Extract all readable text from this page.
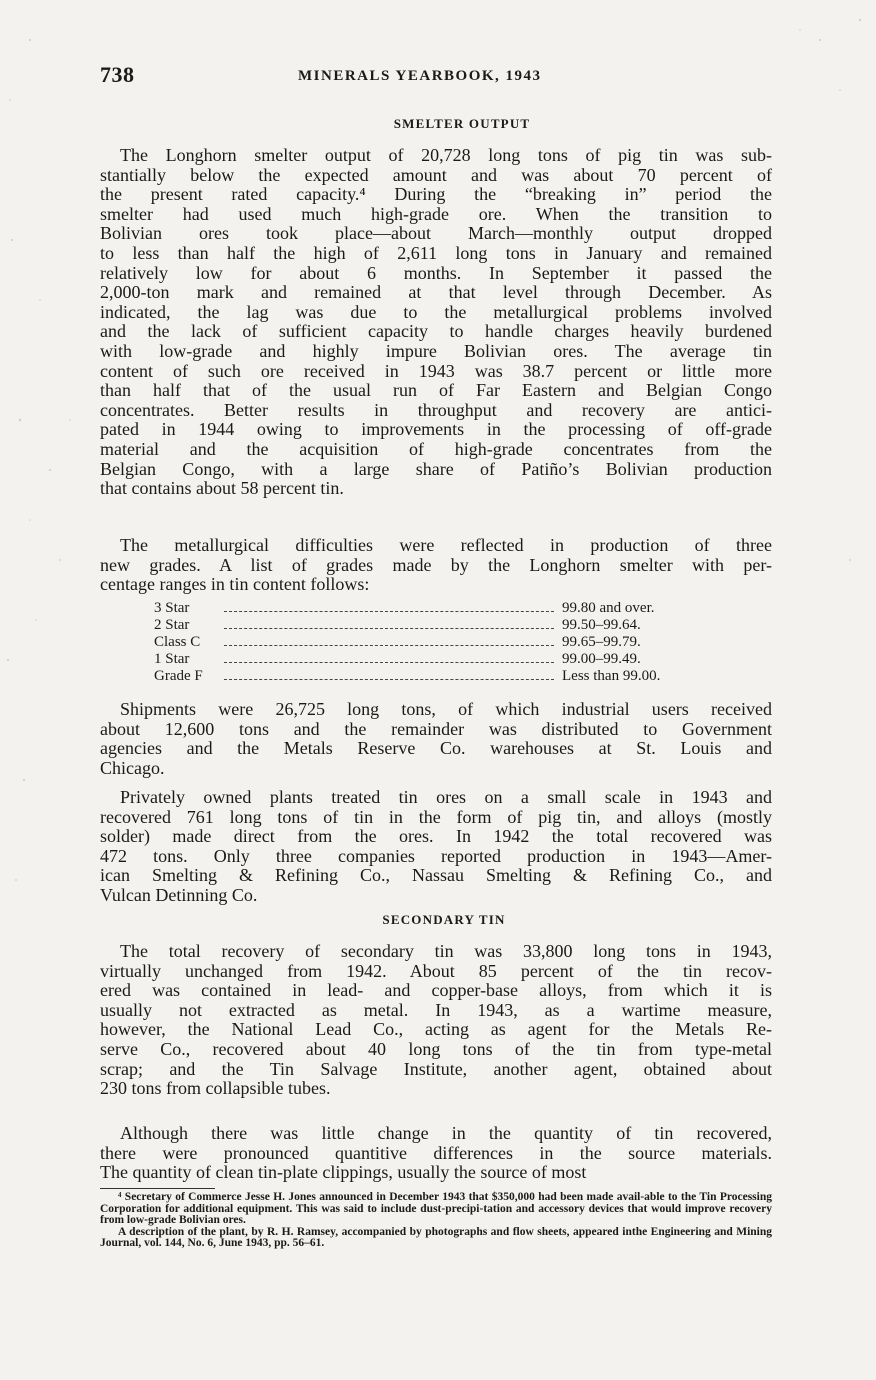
738	MINERALS YEARBOOK, 1943
SMELTER OUTPUT

The Longhorn smelter output of 20,728 long tons of pig tin was sub-
stantially below the expected amount and was about 70 percent of
the present rated capacity.⁴ During the “breaking in” period the
smelter had used much high-grade ore. When the transition to
Bolivian ores took place—about March—monthly output dropped
to less than half the high of 2,611 long tons in January and remained
relatively low for about 6 months. In September it passed the
2,000-ton mark and remained at that level through December. As
indicated, the lag was due to the metallurgical problems involved
and the lack of sufficient capacity to handle charges heavily burdened
with low-grade and highly impure Bolivian ores. The average tin
content of such ore received in 1943 was 38.7 percent or little more
than half that of the usual run of Far Eastern and Belgian Congo
concentrates. Better results in throughput and recovery are antici-
pated in 1944 owing to improvements in the processing of off-grade
material and the acquisition of high-grade concentrates from the
Belgian Congo, with a large share of Patiño’s Bolivian production
that contains about 58 percent tin.

The metallurgical difficulties were reflected in production of three
new grades. A list of grades made by the Longhorn smelter with per-
centage ranges in tin content follows:

3 Star	99.80 and over.
2 Star	99.50–99.64.
Class C	99.65–99.79.
1 Star	99.00–99.49.
Grade F	Less than 99.00.

Shipments were 26,725 long tons, of which industrial users received
about 12,600 tons and the remainder was distributed to Government
agencies and the Metals Reserve Co. warehouses at St. Louis and
Chicago.

Privately owned plants treated tin ores on a small scale in 1943 and
recovered 761 long tons of tin in the form of pig tin, and alloys (mostly
solder) made direct from the ores. In 1942 the total recovered was
472 tons. Only three companies reported production in 1943—Amer-
ican Smelting & Refining Co., Nassau Smelting & Refining Co., and
Vulcan Detinning Co.

SECONDARY TIN

The total recovery of secondary tin was 33,800 long tons in 1943,
virtually unchanged from 1942. About 85 percent of the tin recov-
ered was contained in lead- and copper-base alloys, from which it is
usually not extracted as metal. In 1943, as a wartime measure,
however, the National Lead Co., acting as agent for the Metals Re-
serve Co., recovered about 40 long tons of the tin from type-metal
scrap; and the Tin Salvage Institute, another agent, obtained about
230 tons from collapsible tubes.

Although there was little change in the quantity of tin recovered,
there were pronounced quantitive differences in the source materials.
The quantity of clean tin-plate clippings, usually the source of most

⁴ Secretary of Commerce Jesse H. Jones announced in December 1943 that $350,000 had been made avail-able to the Tin Processing Corporation for additional equipment. This was said to include dust-precipi-tation and accessory devices that would improve recovery from low-grade Bolivian ores.
A description of the plant, by R. H. Ramsey, accompanied by photographs and flow sheets, appeared inthe Engineering and Mining Journal, vol. 144, No. 6, June 1943, pp. 56–61.
